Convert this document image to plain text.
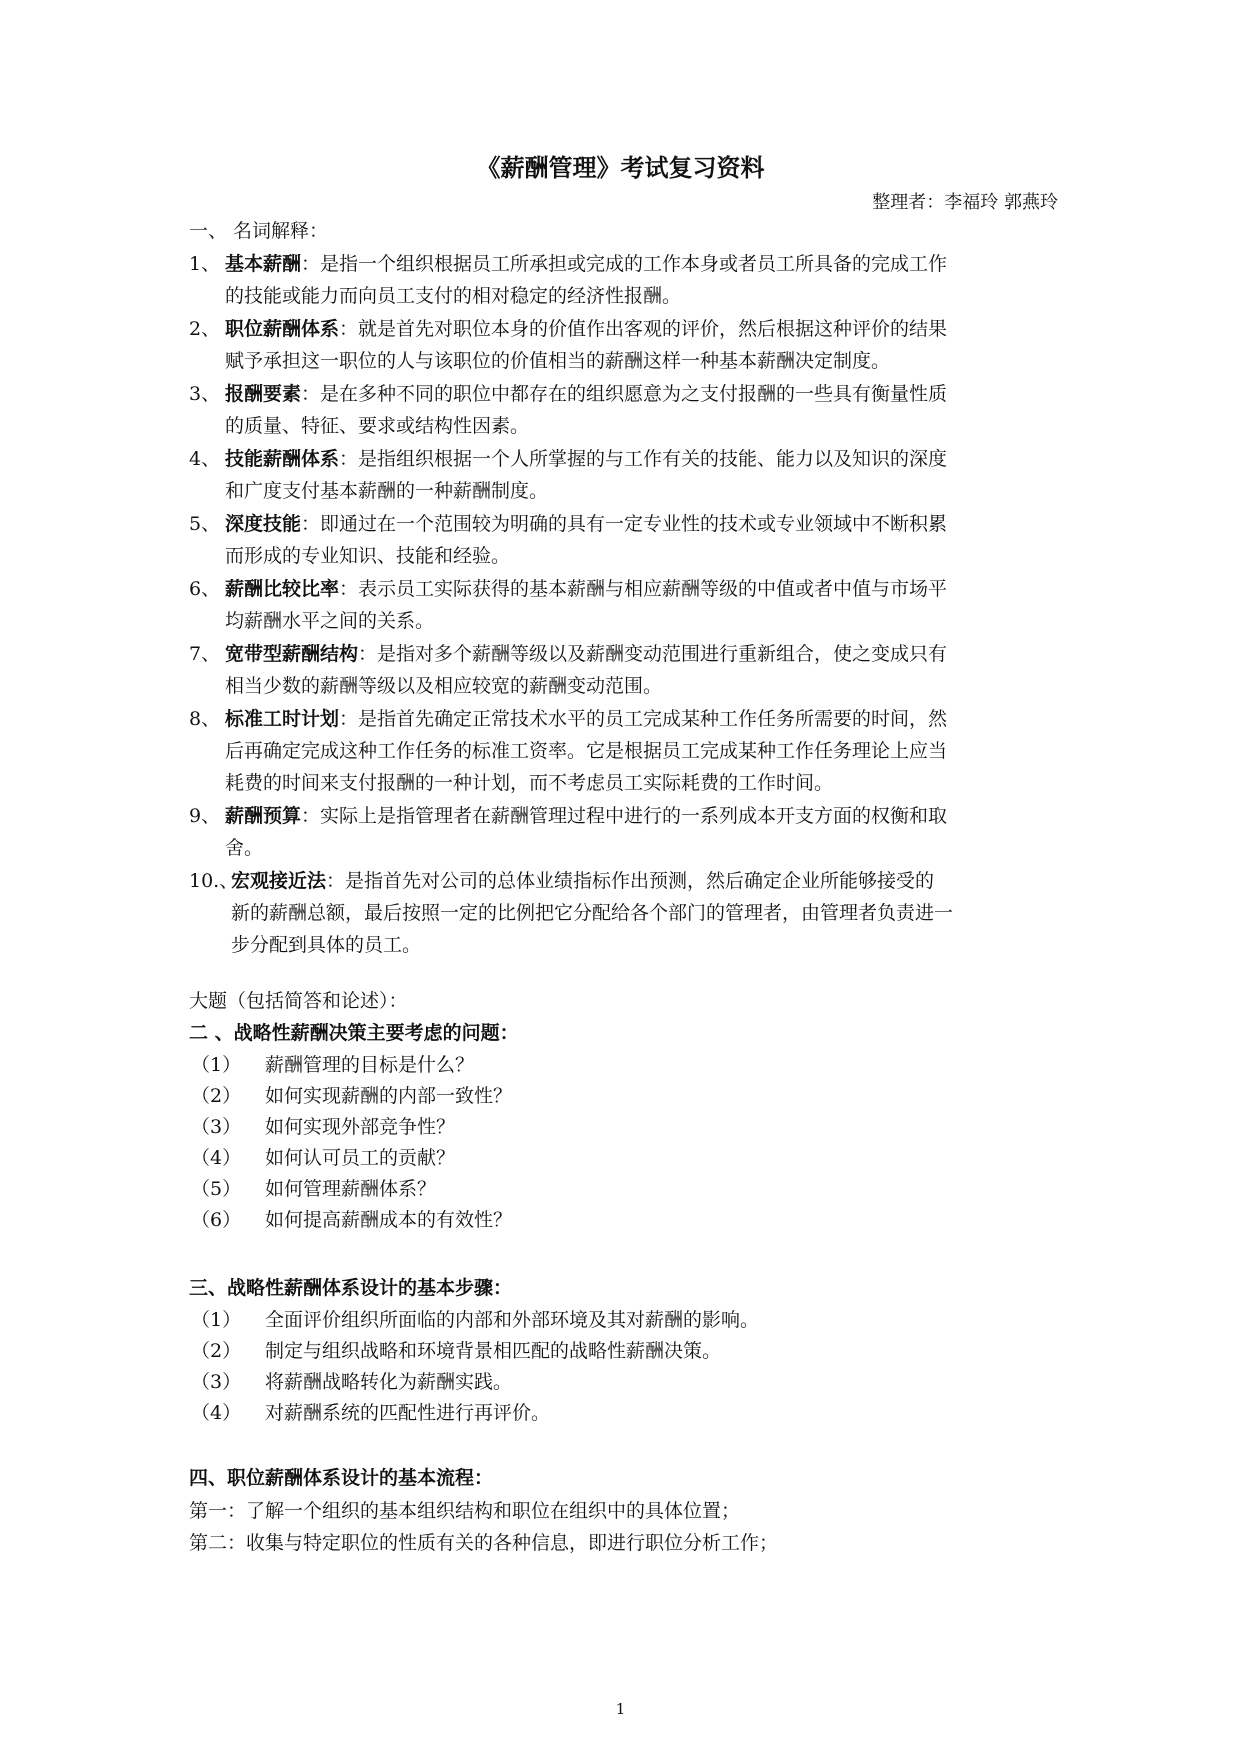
《薪酬管理》考试复习资料
整理者：李福玲 郭燕玲
一、 名词解释：
1、 基本薪酬：是指一个组织根据员工所承担或完成的工作本身或者员工所具备的完成工作
的技能或能力而向员工支付的相对稳定的经济性报酬。
2、 职位薪酬体系：就是首先对职位本身的价值作出客观的评价，然后根据这种评价的结果
赋予承担这一职位的人与该职位的价值相当的薪酬这样一种基本薪酬决定制度。
3、 报酬要素：是在多种不同的职位中都存在的组织愿意为之支付报酬的一些具有衡量性质
的质量、特征、要求或结构性因素。
4、 技能薪酬体系：是指组织根据一个人所掌握的与工作有关的技能、能力以及知识的深度
和广度支付基本薪酬的一种薪酬制度。
5、 深度技能：即通过在一个范围较为明确的具有一定专业性的技术或专业领域中不断积累
而形成的专业知识、技能和经验。
6、 薪酬比较比率：表示员工实际获得的基本薪酬与相应薪酬等级的中值或者中值与市场平
均薪酬水平之间的关系。
7、 宽带型薪酬结构：是指对多个薪酬等级以及薪酬变动范围进行重新组合，使之变成只有
相当少数的薪酬等级以及相应较宽的薪酬变动范围。
8、 标准工时计划：是指首先确定正常技术水平的员工完成某种工作任务所需要的时间，然
后再确定完成这种工作任务的标准工资率。它是根据员工完成某种工作任务理论上应当
耗费的时间来支付报酬的一种计划，而不考虑员工实际耗费的工作时间。
9、 薪酬预算：实际上是指管理者在薪酬管理过程中进行的一系列成本开支方面的权衡和取
舍。
10.、
宏观接近法：是指首先对公司的总体业绩指标作出预测，然后确定企业所能够接受的
新的薪酬总额，最后按照一定的比例把它分配给各个部门的管理者，由管理者负责进一
步分配到具体的员工。
大题（包括简答和论述）：
二 、战略性薪酬决策主要考虑的问题：
（1） 薪酬管理的目标是什么？
（2） 如何实现薪酬的内部一致性？
（3） 如何实现外部竞争性？
（4） 如何认可员工的贡献？
（5） 如何管理薪酬体系？
（6） 如何提高薪酬成本的有效性？
三、战略性薪酬体系设计的基本步骤：
（1） 全面评价组织所面临的内部和外部环境及其对薪酬的影响。
（2） 制定与组织战略和环境背景相匹配的战略性薪酬决策。
（3） 将薪酬战略转化为薪酬实践。
（4） 对薪酬系统的匹配性进行再评价。
四、职位薪酬体系设计的基本流程：
第一：了解一个组织的基本组织结构和职位在组织中的具体位置；
第二：收集与特定职位的性质有关的各种信息，即进行职位分析工作；
1
